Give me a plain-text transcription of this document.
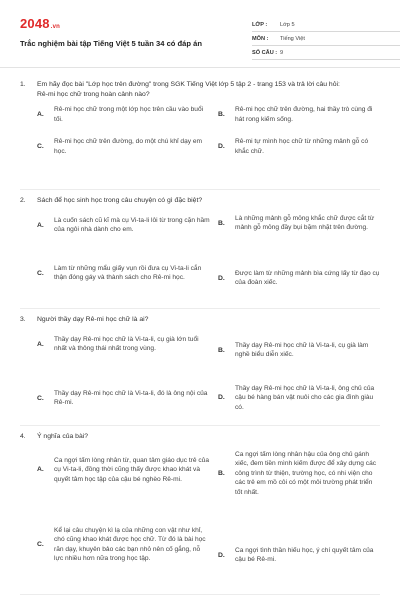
2048.vn
Trắc nghiệm bài tập Tiếng Việt 5 tuần 34 có đáp án
LỚP :	Lớp 5
MÔN :	Tiếng Việt
SỐ CÂU : 9
1.	Em hãy đọc bài "Lớp học trên đường" trong SGK Tiếng Việt lớp 5 tập 2 - trang 153 và trả lời câu hỏi:
Rê-mi học chữ trong hoàn cảnh nào?
A.
Rê-mi học chữ trong một lớp học trên cầu vào buổi tối.
B.
Rê-mi học chữ trên đường, hai thầy trò cùng đi hát rong kiếm sống.
C.
Rê-mi học chữ trên đường, do một chú khỉ dạy em học.
D.
Rê-mi tự mình học chữ từ những mảnh gỗ có khắc chữ.
2.	Sách để học sinh học trong câu chuyện có gì đặc biệt?
A.
Là cuốn sách cũ kĩ mà cụ Vi-ta-li lôi từ trong cặn hầm của ngôi nhà dành cho em.
B.
Là những mảnh gỗ mỏng khắc chữ được cắt từ mảnh gỗ mỏng đầy bụi bặm nhặt trên đường.
C.
Làm từ những mẩu giấy vụn rồi đưa cụ Vi-ta-li cắn thận đóng gáy và thành sách cho Rê-mi học.	D.
Được làm từ những mảnh bìa cứng lấy từ đạo cụ của đoàn xiếc.
3.	Người thầy dạy Rê-mi học chữ là ai?
A.
Thầy dạy Rê-mi học chữ là Vi-ta-li, cụ già lớn tuổi nhất và thông thái nhất trong vùng.	B.
Thầy dạy Rê-mi học chữ là Vi-ta-li, cụ già làm nghề biểu diễn xiếc.
C.
Thầy dạy Rê-mi học chữ là Vi-ta-li, đó là ông nội của Rê-mi.
D.
Thầy dạy Rê-mi học chữ là Vi-ta-li, ông chủ của cậu bé hàng bán vật nuôi cho các gia đình giàu có.
4.	Ý nghĩa của bài?
A.
Ca ngợi tấm lòng nhân từ, quan tâm giáo dục trẻ của cụ Vi-ta-li, đồng thời cũng thấy được khao khát và quyết tâm học tập của cậu bé nghèo Rê-mi.
B.
Ca ngợi tấm lòng nhân hậu của ông chủ gánh xiếc, đem tiền mình kiếm được để xây dựng các công trình từ thiện, trường học, có nhi viện cho các trẻ em mồ côi có một môi trường phát triển tốt nhất.
C.
Kể lại câu chuyện kì lạ của những con vật như khỉ, chó cũng khao khát được học chữ. Từ đó là bài học răn dạy, khuyên bảo các bạn nhỏ nên cố gắng, nỗ lực nhiều hơn nữa trong học tập.
D.
Ca ngợi tình thần hiếu học, ý chí quyết tâm của cậu bé Rê-mi.
